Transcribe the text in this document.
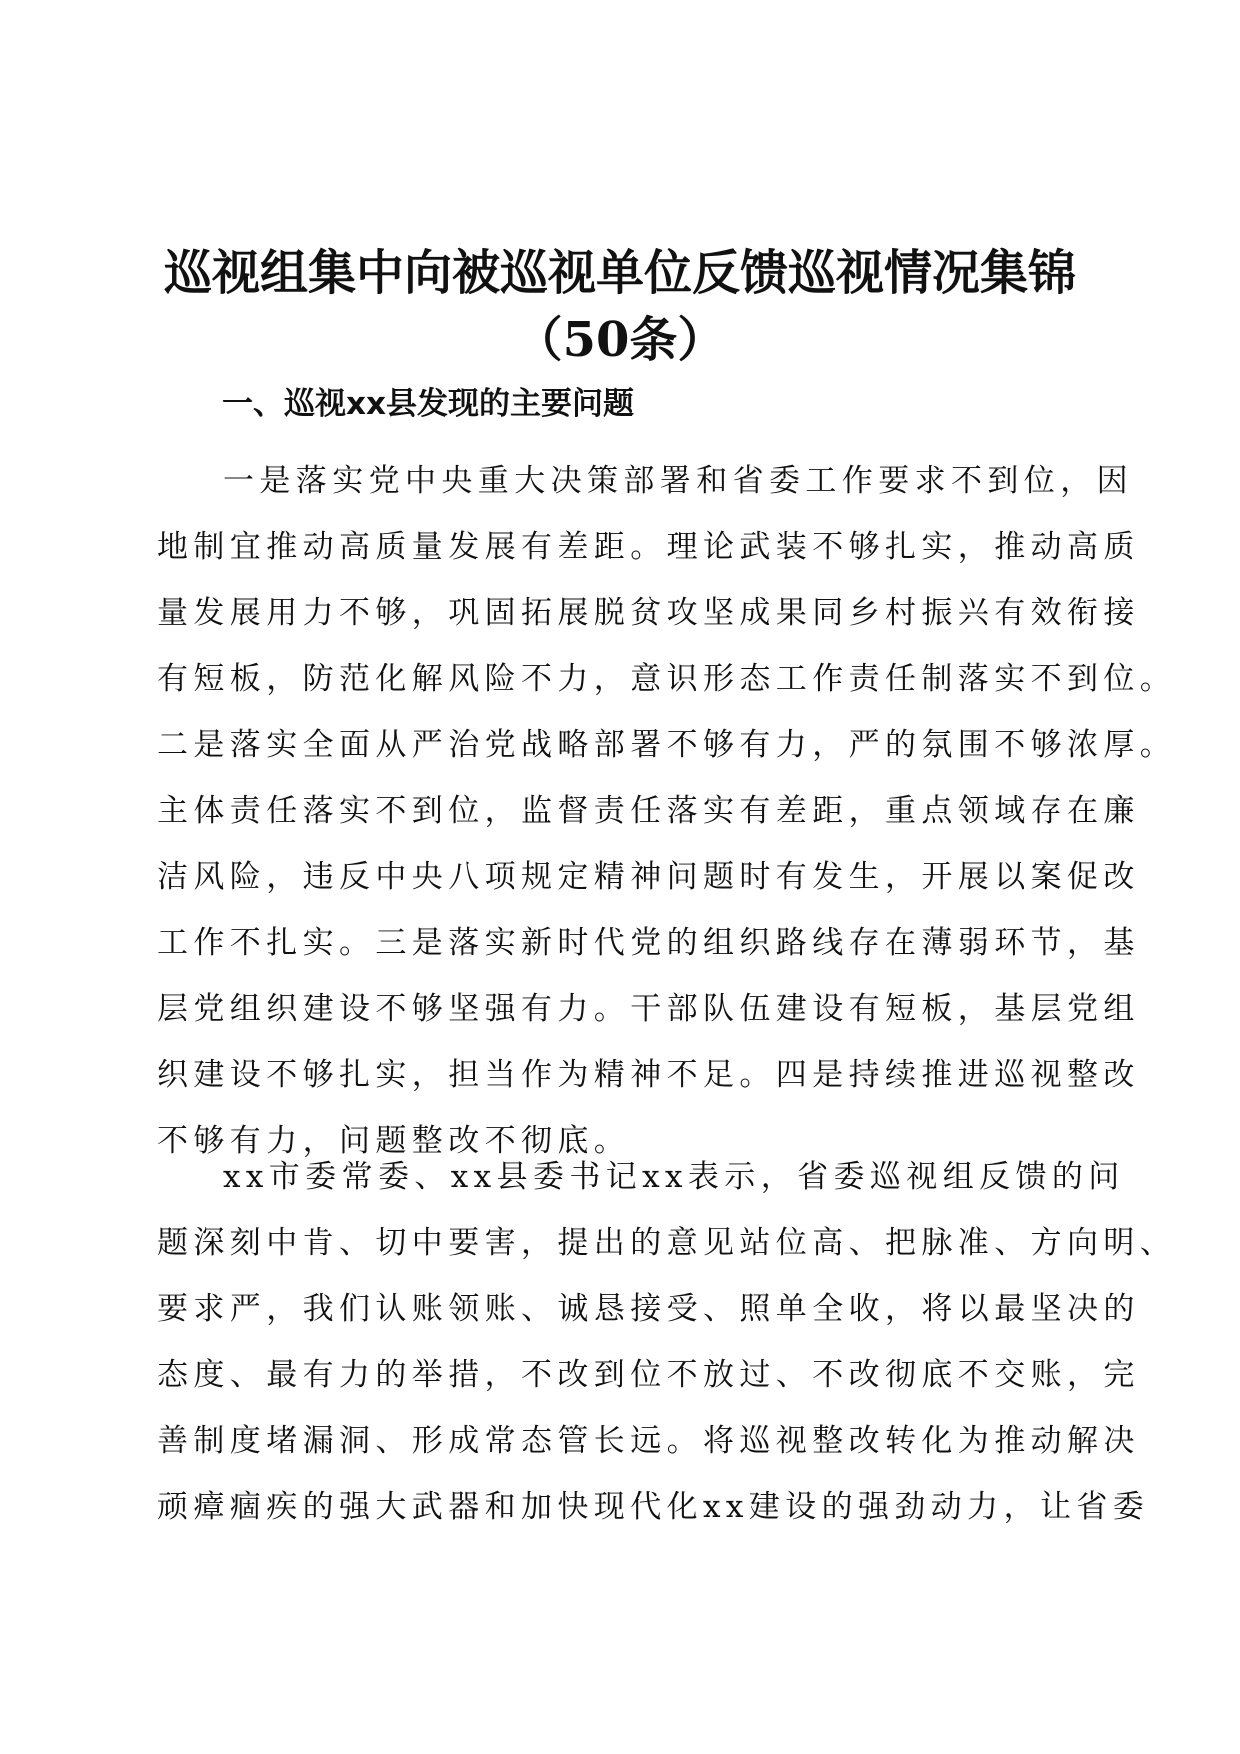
巡视组集中向被巡视单位反馈巡视情况集锦
（50条）
一、巡视xx县发现的主要问题
一是落实党中央重大决策部署和省委工作要求不到位，因
地制宜推动高质量发展有差距。理论武装不够扎实，推动高质
量发展用力不够，巩固拓展脱贫攻坚成果同乡村振兴有效衔接
有短板，防范化解风险不力，意识形态工作责任制落实不到位。
二是落实全面从严治党战略部署不够有力，严的氛围不够浓厚。
主体责任落实不到位，监督责任落实有差距，重点领域存在廉
洁风险，违反中央八项规定精神问题时有发生，开展以案促改
工作不扎实。三是落实新时代党的组织路线存在薄弱环节，基
层党组织建设不够坚强有力。干部队伍建设有短板，基层党组
织建设不够扎实，担当作为精神不足。四是持续推进巡视整改
不够有力，问题整改不彻底。
xx市委常委、xx县委书记xx表示，省委巡视组反馈的问
题深刻中肯、切中要害，提出的意见站位高、把脉准、方向明、
要求严，我们认账领账、诚恳接受、照单全收，将以最坚决的
态度、最有力的举措，不改到位不放过、不改彻底不交账，完
善制度堵漏洞、形成常态管长远。将巡视整改转化为推动解决
顽瘴痼疾的强大武器和加快现代化xx建设的强劲动力，让省委
